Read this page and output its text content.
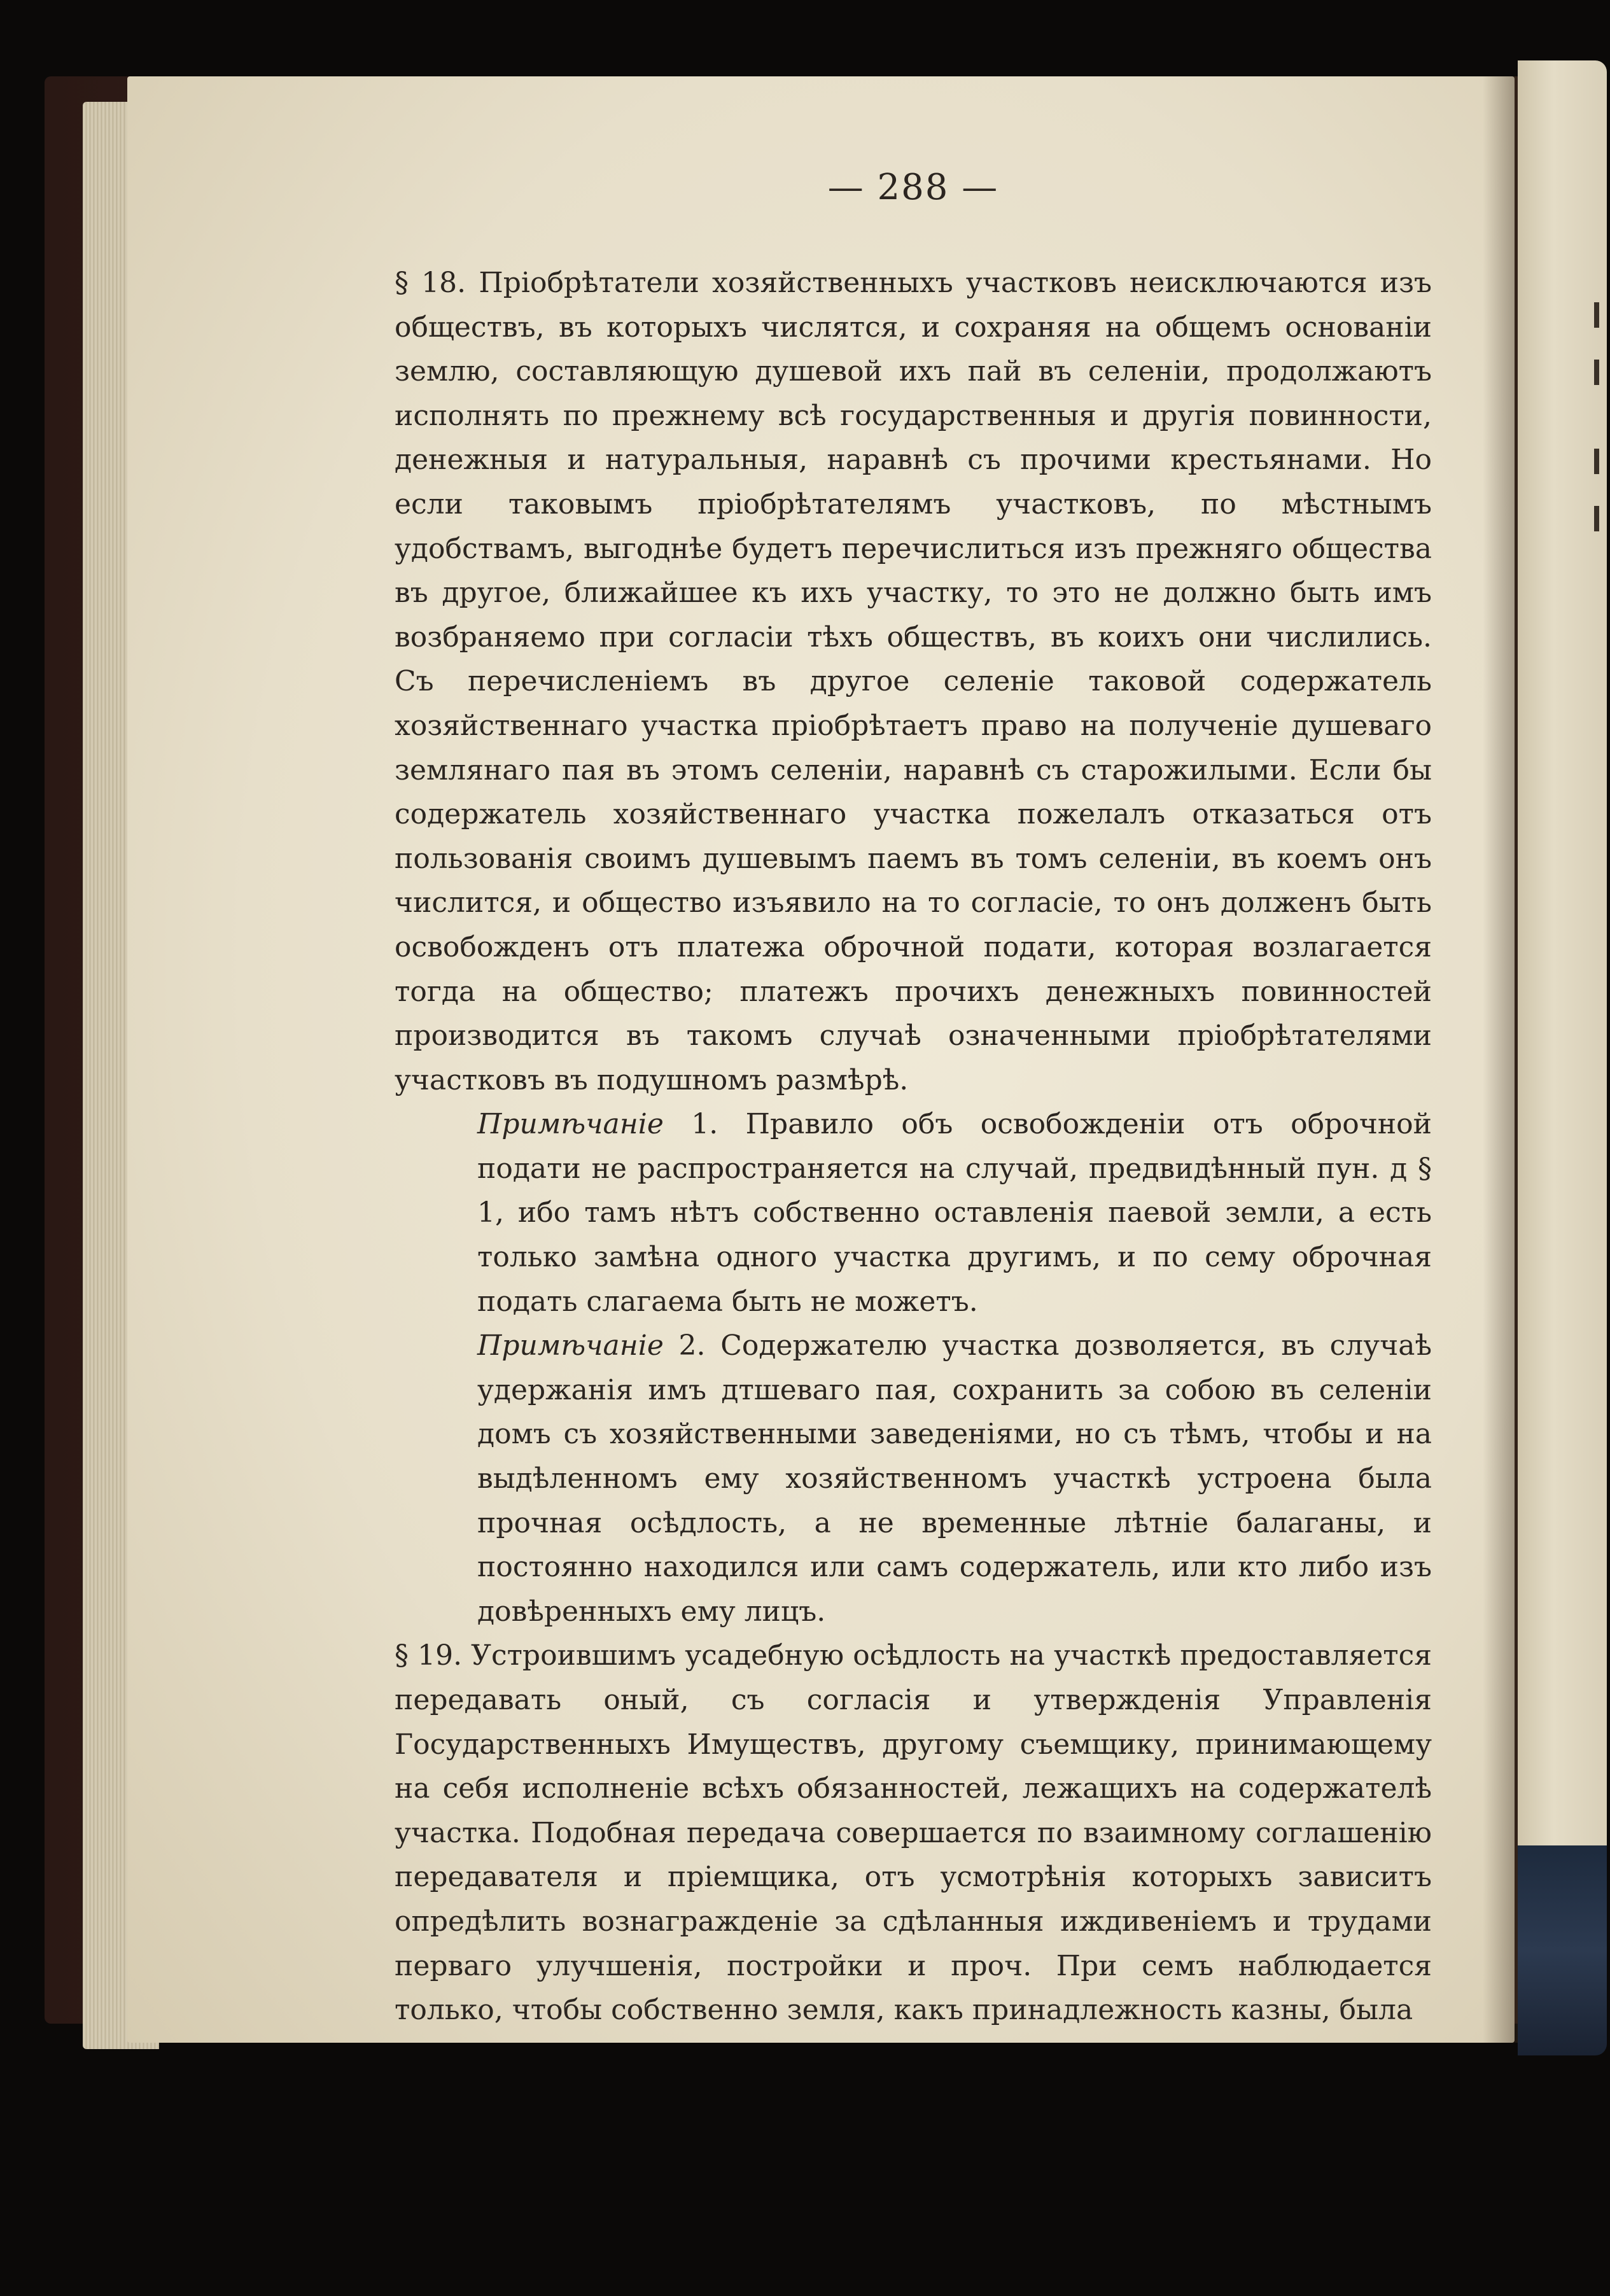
— 288 —

§ 18. Пріобрѣтатели хозяйственныхъ участковъ неисключаются изъ обществъ, въ которыхъ числятся, и сохраняя на общемъ основаніи землю, составляющую душевой ихъ пай въ селеніи, продолжаютъ исполнять по прежнему всѣ государственныя и другія повинности, денежныя и натуральныя, наравнѣ съ прочими крестьянами. Но если таковымъ пріобрѣтателямъ участковъ, по мѣстнымъ удобствамъ, выгоднѣе будетъ перечислиться изъ прежняго общества въ другое, ближайшее къ ихъ участку, то это не должно быть имъ возбраняемо при согласіи тѣхъ обществъ, въ коихъ они числились. Съ перечисленіемъ въ другое селеніе таковой содержатель хозяйственнаго участка пріобрѣтаетъ право на полученіе душеваго землянаго пая въ этомъ селеніи, наравнѣ съ старожилыми. Если бы содержатель хозяйственнаго участка пожелалъ отказаться отъ пользованія своимъ душевымъ паемъ въ томъ селеніи, въ коемъ онъ числится, и общество изъявило на то согласіе, то онъ долженъ быть освобожденъ отъ платежа оброчной подати, которая возлагается тогда на общество; платежъ прочихъ денежныхъ повинностей производится въ такомъ случаѣ означенными пріобрѣтателями участковъ въ подушномъ размѣрѣ.

Примѣчаніе 1. Правило объ освобожденіи отъ оброчной подати не распространяется на случай, предвидѣнный пун. д § 1, ибо тамъ нѣтъ собственно оставленія паевой земли, а есть только замѣна одного участка другимъ, и по сему оброчная подать слагаема быть не можетъ.

Примѣчаніе 2. Содержателю участка дозволяется, въ случаѣ удержанія имъ дтшеваго пая, сохранить за собою въ селеніи домъ съ хозяйственными заведеніями, но съ тѣмъ, чтобы и на выдѣленномъ ему хозяйственномъ участкѣ устроена была прочная осѣдлость, а не временные лѣтніе балаганы, и постоянно находился или самъ содержатель, или кто либо изъ довѣренныхъ ему лицъ.

§ 19. Устроившимъ усадебную осѣдлость на участкѣ предоставляется передавать оный, съ согласія и утвержденія Управленія Государственныхъ Имуществъ, другому съемщику, принимающему на себя исполненіе всѣхъ обязанностей, лежащихъ на содержателѣ участка. Подобная передача совершается по взаимному соглашенію передавателя и пріемщика, отъ усмотрѣнія которыхъ зависитъ опредѣлить вознагражденіе за сдѣланныя иждивеніемъ и трудами перваго улучшенія, постройки и проч. При семъ наблюдается только, чтобы собственно земля, какъ принадлежность казны, была
